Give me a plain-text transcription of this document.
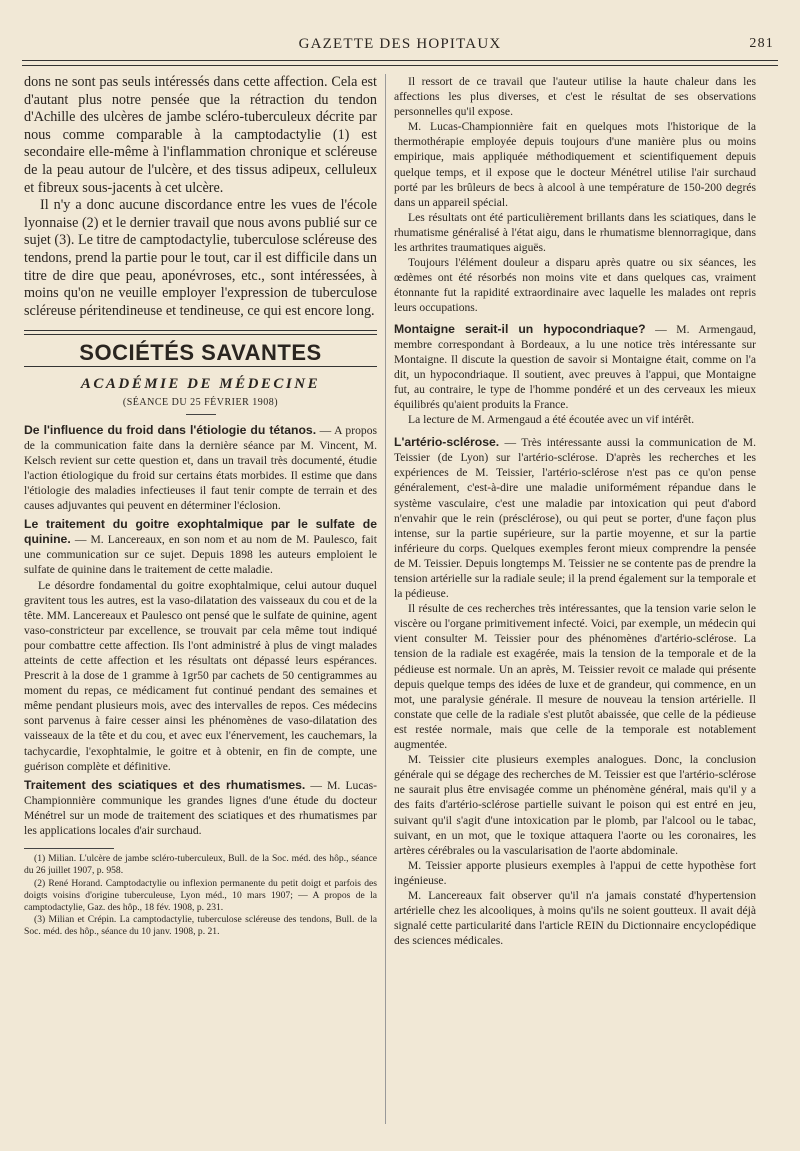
GAZETTE DES HOPITAUX	281

dons ne sont pas seuls intéressés dans cette affection. Cela est d'autant plus notre pensée que la rétraction du tendon d'Achille des ulcères de jambe scléro-tuberculeux décrite par nous comme comparable à la camptodactylie (1) est secondaire elle-même à l'inflammation chronique et scléreuse de la peau autour de l'ulcère, et des tissus adipeux, celluleux et fibreux sous-jacents à cet ulcère.

Il n'y a donc aucune discordance entre les vues de l'école lyonnaise (2) et le dernier travail que nous avons publié sur ce sujet (3). Le titre de camptodactylie, tuberculose scléreuse des tendons, prend la partie pour le tout, car il est difficile dans un titre de dire que peau, aponévroses, etc., sont intéressées, à moins qu'on ne veuille employer l'expression de tuberculose scléreuse péritendineuse et tendineuse, ce qui est encore long.

SOCIÉTÉS SAVANTES
ACADÉMIE DE MÉDECINE
(SÉANCE DU 25 FÉVRIER 1908)

De l'influence du froid dans l'étiologie du tétanos. — A propos de la communication faite dans la dernière séance par M. Vincent, M. Kelsch revient sur cette question et, dans un travail très documenté, étudie l'action étiologique du froid sur certains états morbides. Il estime que dans l'étiologie des maladies infectieuses il faut tenir compte de terrain et des causes adjuvantes qui peuvent en déterminer l'éclosion.

Le traitement du goitre exophtalmique par le sulfate de quinine. — M. Lancereaux, en son nom et au nom de M. Paulesco, fait une communication sur ce sujet. Depuis 1898 les auteurs emploient le sulfate de quinine dans le traitement de cette maladie.

Le désordre fondamental du goitre exophtalmique, celui autour duquel gravitent tous les autres, est la vaso-dilatation des vaisseaux du cou et de la tête. MM. Lancereaux et Paulesco ont pensé que le sulfate de quinine, agent vaso-constricteur par excellence, se trouvait par cela même tout indiqué pour combattre cette affection. Ils l'ont administré à plus de vingt malades atteints de cette affection et les résultats ont dépassé leurs espérances. Prescrit à la dose de 1 gramme à 1gr50 par cachets de 50 centigrammes au moment du repas, ce médicament fut continué pendant des semaines et même pendant plusieurs mois, avec des intervalles de repos. Ces médecins sont parvenus à faire cesser ainsi les phénomènes de vaso-dilatation des vaisseaux de la tête et du cou, et avec eux l'énervement, les cauchemars, la tachycardie, l'exophtalmie, le goitre et à obtenir, en fin de compte, une guérison complète et définitive.

Traitement des sciatiques et des rhumatismes. — M. Lucas-Championnière communique les grandes lignes d'une étude du docteur Ménétrel sur un mode de traitement des sciatiques et des rhumatismes par les applications locales d'air surchaud.

(1) Milian. L'ulcère de jambe scléro-tuberculeux, Bull. de la Soc. méd. des hôp., séance du 26 juillet 1907, p. 958.

(2) René Horand. Camptodactylie ou inflexion permanente du petit doigt et parfois des doigts voisins d'origine tuberculeuse, Lyon méd., 10 mars 1907; — A propos de la camptodactylie, Gaz. des hôp., 18 fév. 1908, p. 231.

(3) Milian et Crépin. La camptodactylie, tuberculose scléreuse des tendons, Bull. de la Soc. méd. des hôp., séance du 10 janv. 1908, p. 21.

Il ressort de ce travail que l'auteur utilise la haute chaleur dans les affections les plus diverses, et c'est le résultat de ses observations personnelles qu'il expose.

M. Lucas-Championnière fait en quelques mots l'historique de la thermothérapie employée depuis toujours d'une manière plus ou moins empirique, mais appliquée méthodiquement et scientifiquement depuis quelque temps, et il expose que le docteur Ménétrel utilise l'air surchaud porté par les brûleurs de becs à alcool à une température de 150-200 degrés dans un appareil spécial.

Les résultats ont été particulièrement brillants dans les sciatiques, dans le rhumatisme généralisé à l'état aigu, dans le rhumatisme blennorragique, dans les arthrites traumatiques aiguës.

Toujours l'élément douleur a disparu après quatre ou six séances, les œdèmes ont été résorbés non moins vite et dans quelques cas, vraiment étonnante fut la rapidité extraordinaire avec laquelle les malades ont repris leurs occupations.

Montaigne serait-il un hypocondriaque? — M. Armengaud, membre correspondant à Bordeaux, a lu une notice très intéressante sur Montaigne. Il discute la question de savoir si Montaigne était, comme on l'a dit, un hypocondriaque. Il soutient, avec preuves à l'appui, que Montaigne fut, au contraire, le type de l'homme pondéré et un des cerveaux les mieux équilibrés qu'aient produits la France.

La lecture de M. Armengaud a été écoutée avec un vif intérêt.

L'artério-sclérose. — Très intéressante aussi la communication de M. Teissier (de Lyon) sur l'artério-sclérose. D'après les recherches et les expériences de M. Teissier, l'artério-sclérose n'est pas ce qu'on pense généralement, c'est-à-dire une maladie uniformément répandue dans le système vasculaire, c'est une maladie par intoxication qui peut d'abord n'envahir que le rein (présclérose), ou qui peut se porter, d'une façon plus intense, sur la partie supérieure, sur la partie moyenne, et sur la partie inférieure du corps. Quelques exemples feront mieux comprendre la pensée de M. Teissier. Depuis longtemps M. Teissier ne se contente pas de prendre la tension artérielle sur la radiale seule; il la prend également sur la temporale et la pédieuse.

Il résulte de ces recherches très intéressantes, que la tension varie selon le viscère ou l'organe primitivement infecté. Voici, par exemple, un médecin qui vient consulter M. Teissier pour des phénomènes d'artério-sclérose. La tension de la radiale est exagérée, mais la tension de la temporale et de la pédieuse est normale. Un an après, M. Teissier revoit ce malade qui présente depuis quelque temps des idées de luxe et de grandeur, qui commence, en un mot, une paralysie générale. Il mesure de nouveau la tension artérielle. Il constate que celle de la radiale s'est plutôt abaissée, que celle de la pédieuse est restée normale, mais que celle de la temporale est notablement augmentée.

M. Teissier cite plusieurs exemples analogues. Donc, la conclusion générale qui se dégage des recherches de M. Teissier est que l'artério-sclérose ne saurait plus être envisagée comme un phénomène général, mais qu'il y a des faits d'artério-sclérose partielle suivant le poison qui est entré en jeu, suivant qu'il s'agit d'une intoxication par le plomb, par l'alcool ou le tabac, suivant, en un mot, que le toxique attaquera l'aorte ou les coronaires, les artères cérébrales ou la vascularisation de l'aorte abdominale.

M. Teissier apporte plusieurs exemples à l'appui de cette hypothèse fort ingénieuse.

M. Lancereaux fait observer qu'il n'a jamais constaté d'hypertension artérielle chez les alcooliques, à moins qu'ils ne soient goutteux. Il avait déjà signalé cette particularité dans l'article REIN du Dictionnaire encyclopédique des sciences médicales.
